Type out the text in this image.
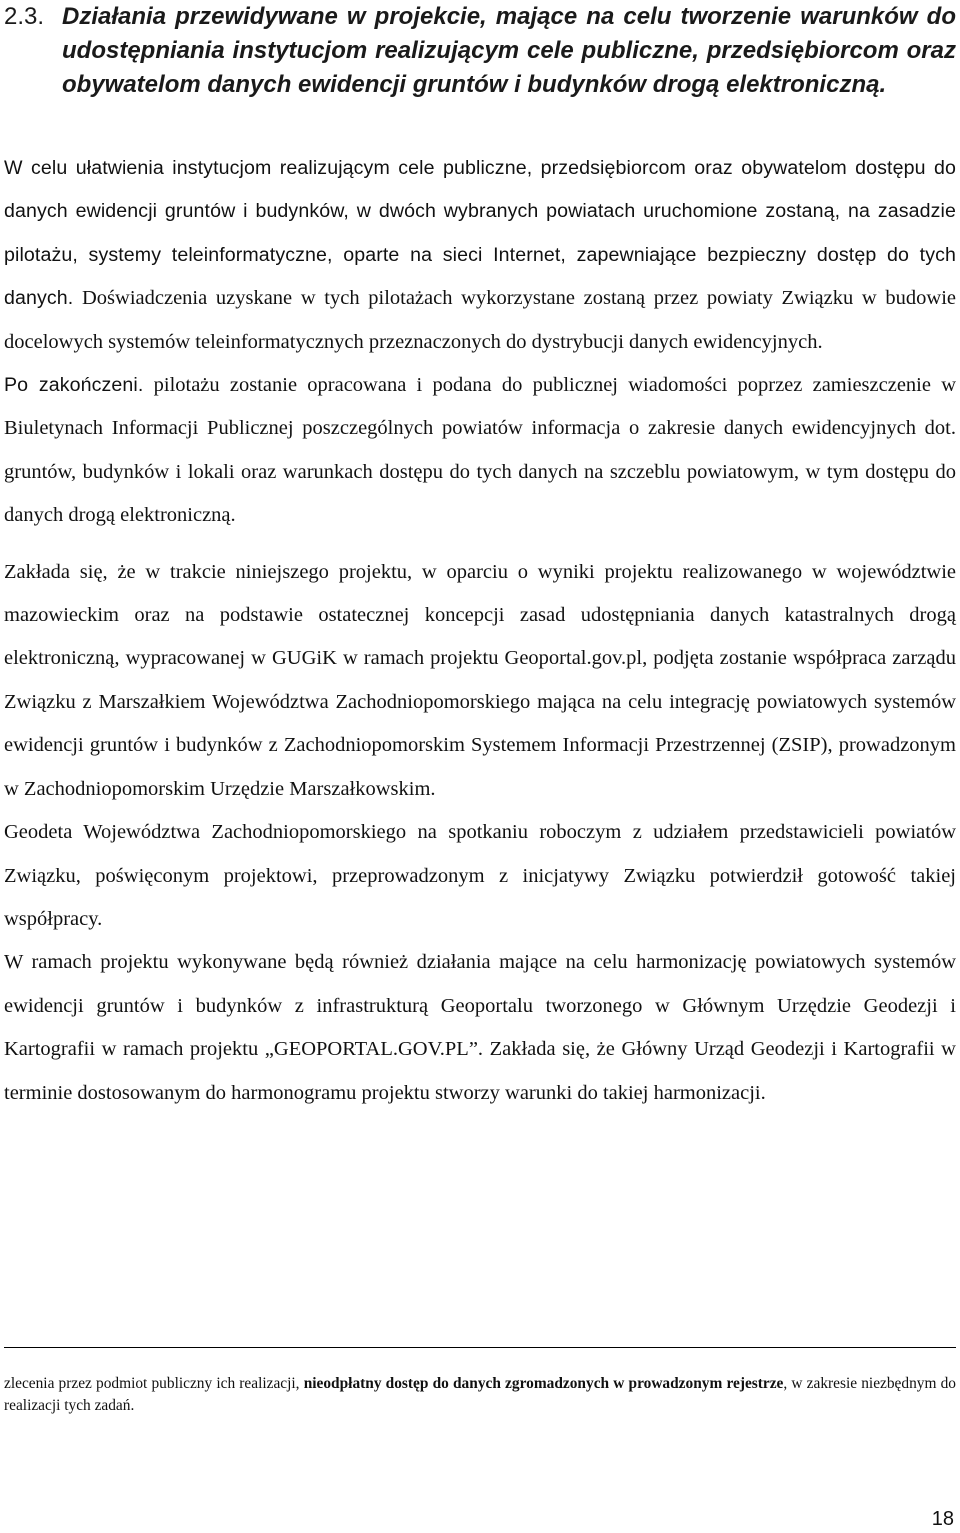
2.3. Działania przewidywane w projekcie, mające na celu tworzenie warunków do udostępniania instytucjom realizującym cele publiczne, przedsiębiorcom oraz obywatelom danych ewidencji gruntów i budynków drogą elektroniczną.

W celu ułatwienia instytucjom realizującym cele publiczne, przedsiębiorcom oraz obywatelom dostępu do danych ewidencji gruntów i budynków, w dwóch wybranych powiatach uruchomione zostaną, na zasadzie pilotażu, systemy teleinformatyczne, oparte na sieci Internet, zapewniające bezpieczny dostęp do tych danych. Doświadczenia uzyskane w tych pilotażach wykorzystane zostaną przez powiaty Związku w budowie docelowych systemów teleinformatycznych przeznaczonych do dystrybucji danych ewidencyjnych.

Po zakończeni. pilotażu zostanie opracowana i podana do publicznej wiadomości poprzez zamieszczenie w Biuletynach Informacji Publicznej poszczególnych powiatów informacja o zakresie danych ewidencyjnych dot. gruntów, budynków i lokali oraz warunkach dostępu do tych danych na szczeblu powiatowym, w tym dostępu do danych drogą elektroniczną.

Zakłada się, że w trakcie niniejszego projektu, w oparciu o wyniki projektu realizowanego w województwie mazowieckim oraz na podstawie ostatecznej koncepcji zasad udostępniania danych katastralnych drogą elektroniczną, wypracowanej w GUGiK w ramach projektu Geoportal.gov.pl, podjęta zostanie współpraca zarządu Związku z Marszałkiem Województwa Zachodniopomorskiego mająca na celu integrację powiatowych systemów ewidencji gruntów i budynków z Zachodniopomorskim Systemem Informacji Przestrzennej (ZSIP), prowadzonym w Zachodniopomorskim Urzędzie Marszałkowskim.

Geodeta Województwa Zachodniopomorskiego na spotkaniu roboczym z udziałem przedstawicieli powiatów Związku, poświęconym projektowi, przeprowadzonym z inicjatywy Związku potwierdził gotowość takiej współpracy.

W ramach projektu wykonywane będą również działania mające na celu harmonizację powiatowych systemów ewidencji gruntów i budynków z infrastrukturą Geoportalu tworzonego w Głównym Urzędzie Geodezji i Kartografii w ramach projektu „GEOPORTAL.GOV.PL”. Zakłada się, że Główny Urząd Geodezji i Kartografii w terminie dostosowanym do harmonogramu projektu stworzy warunki do takiej harmonizacji.

zlecenia przez podmiot publiczny ich realizacji, nieodpłatny dostęp do danych zgromadzonych w prowadzonym rejestrze, w zakresie niezbędnym do realizacji tych zadań.
18
